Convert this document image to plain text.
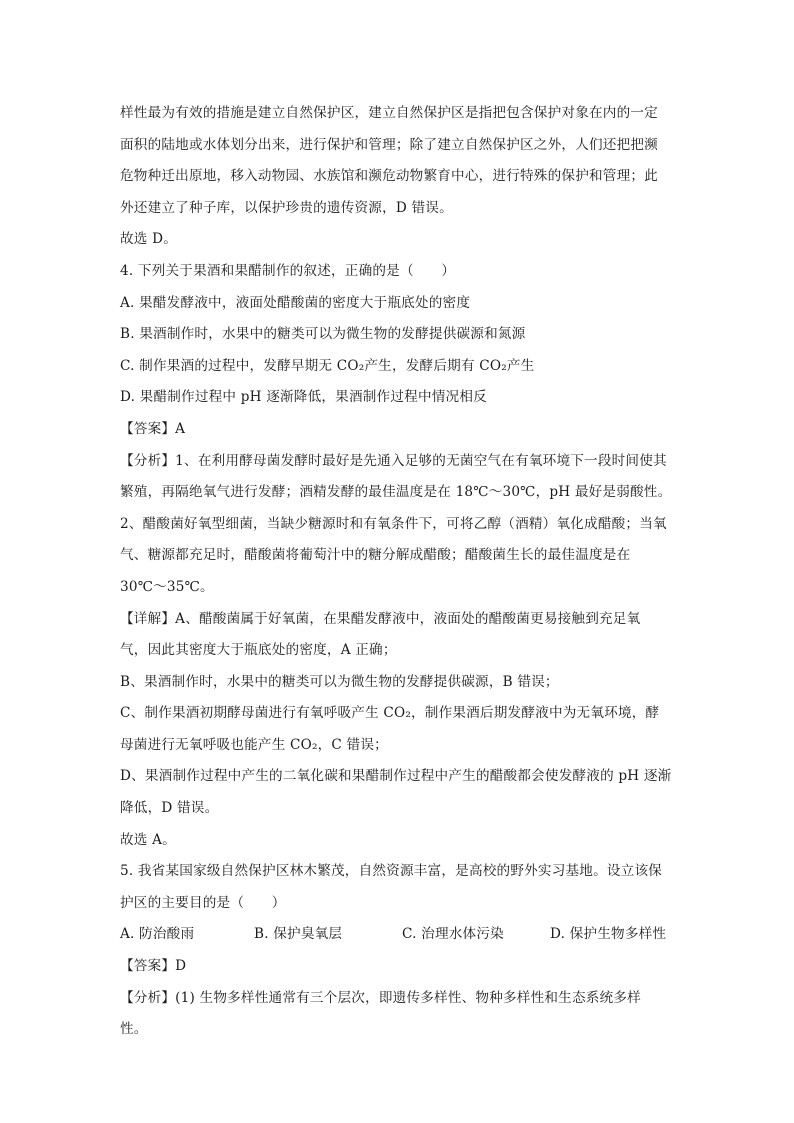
样性最为有效的措施是建立自然保护区，建立自然保护区是指把包含保护对象在内的一定
面积的陆地或水体划分出来，进行保护和管理；除了建立自然保护区之外，人们还把把濒
危物种迁出原地，移入动物园、水族馆和濒危动物繁育中心，进行特殊的保护和管理；此
外还建立了种子库，以保护珍贵的遗传资源，D 错误。
故选 D。
4. 下列关于果酒和果醋制作的叙述，正确的是（　　）
A. 果醋发酵液中，液面处醋酸菌的密度大于瓶底处的密度
B. 果酒制作时，水果中的糖类可以为微生物的发酵提供碳源和氮源
C. 制作果酒的过程中，发酵早期无 CO₂产生，发酵后期有 CO₂产生
D. 果醋制作过程中 pH 逐渐降低，果酒制作过程中情况相反
【答案】A
【分析】1、在利用酵母菌发酵时最好是先通入足够的无菌空气在有氧环境下一段时间使其
繁殖，再隔绝氧气进行发酵；酒精发酵的最佳温度是在 18℃～30℃，pH 最好是弱酸性。
2、醋酸菌好氧型细菌，当缺少糖源时和有氧条件下，可将乙醇（酒精）氧化成醋酸；当氧
气、糖源都充足时，醋酸菌将葡萄汁中的糖分解成醋酸；醋酸菌生长的最佳温度是在
30℃～35℃。
【详解】A、醋酸菌属于好氧菌，在果醋发酵液中，液面处的醋酸菌更易接触到充足氧
气，因此其密度大于瓶底处的密度，A 正确；
B、果酒制作时，水果中的糖类可以为微生物的发酵提供碳源，B 错误；
C、制作果酒初期酵母菌进行有氧呼吸产生 CO₂，制作果酒后期发酵液中为无氧环境，酵
母菌进行无氧呼吸也能产生 CO₂，C 错误；
D、果酒制作过程中产生的二氧化碳和果醋制作过程中产生的醋酸都会使发酵液的 pH 逐渐
降低，D 错误。
故选 A。
5. 我省某国家级自然保护区林木繁茂，自然资源丰富，是高校的野外实习基地。设立该保
护区的主要目的是（　　）
A. 防治酸雨	B. 保护臭氧层	C. 治理水体污染	D. 保护生物多样性
【答案】D
【分析】(1) 生物多样性通常有三个层次，即遗传多样性、物种多样性和生态系统多样
性。
